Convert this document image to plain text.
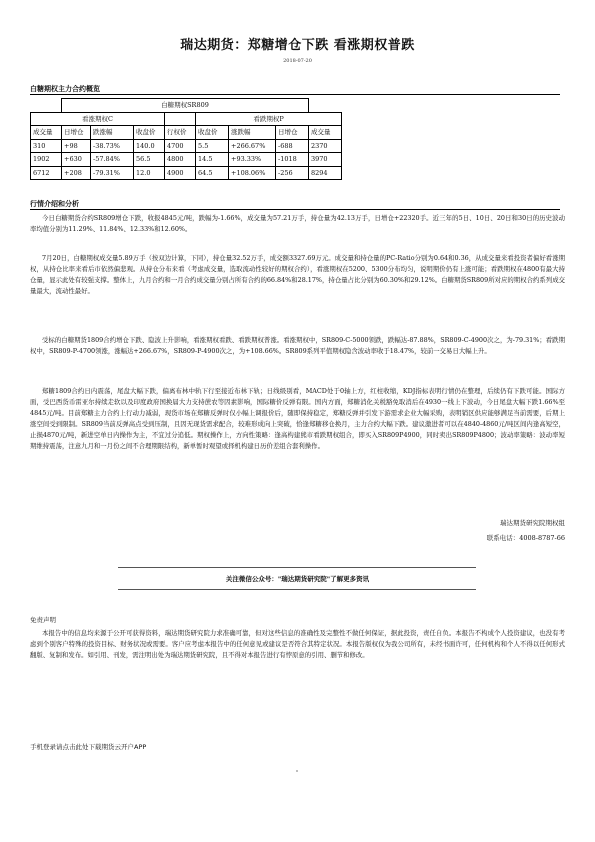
瑞达期货：郑糖增仓下跌 看涨期权普跌
2018-07-20
白糖期权主力合约概览
	白糖期权SR809							
看涨期权C					看跌期权P			
成交量	日增仓	跌涨幅	收盘价	行权价	收盘价	涨跌幅	日增仓	成交量
310	+98	-38.73%	140.0	4700	5.5	+266.67%	-688	2370
1902	+630	-57.84%	56.5	4800	14.5	+93.33%	-1018	3970
6712	+208	-79.31%	12.0	4900	64.5	+108.06%	-256	8294
行情介绍和分析

今日白糖期货合约SR809增仓下跌，收报4845元/吨，跌幅为-1.66%，成交量为57.21万手，持仓量为42.13万手，日增仓+22320手。近三年的5日、10日、20日和30日的历史波动率均值分别为11.29%、11.84%、12.33%和12.60%。

7月20日，白糖期权成交量5.89万手（按双边计算，下同），持仓量32.52万手，成交额3327.69万元。成交量和持仓量的PC-Ratio分别为0.64和0.36，从成交量来看投资者偏好看涨期权，从持仓比率来看后市依然偏悲观。从持仓分布来看（考虑成交量，选取流动性较好的期权合约），看涨期权在5200、5300分布均匀，说明期价仍有上涨可能；看跌期权在4800有最大持仓量，显示此处有较强支撑。整体上，九月合约和一月合约成交量分别占所有合约的66.84%和28.17%，持仓量占比分别为60.30%和29.12%。白糖期货SR809所对应的期权合约系列成交量最大，流动性最好。

受标的白糖期货1809合约增仓下跌、隐波上升影响，看涨期权看跌、看跌期权普涨。看涨期权中，SR809-C-5000领跌，跌幅达-87.88%，SR809-C-4900次之，为-79.31%；看跌期权中，SR809-P-4700领涨，涨幅达+266.67%，SR809-P-4900次之，为+108.66%。SR809系列平值期权隐含波动率收于18.47%，较前一交易日大幅上升。

郑糖1809合约日内震荡，尾盘大幅下跌，偏离布林中轨下行至接近布林下轨；日线级别看，MACD处于0轴上方，红柱收缩，KDJ指标表明行情仍在整理，后续仍有下跌可能。国际方面，受巴西货币雷亚尔持续走软以及印度政府国换届大力支持蔗农等因素影响，国际糖价反弹有限。国内方面，郑糖消化关税豁免取消后在4930一线上下波动，今日尾盘大幅下跌1.66%至4845元/吨。目前郑糖主力合约上行动力减弱，现货市场在郑糖反弹时仅小幅上调报价后，随即保持稳定，郑糖反弹并引发下游需求企业大幅采购，表明销区供应能够满足当前需要，后期上涨空间受到限制。SR809当前反弹高点受到压制，且因无现货需求配合，较难形成向上突破，恰逢郑糖移仓换月，主力合约大幅下跌。建议激进者可以在4840-4860元/吨区间内逢高短空，止损4870元/吨，新进空单日内操作为主，不宜过分追低。期权操作上，方向性策略：逢高构建熊市看跌期权组合，即买入SR809P4900，同时卖出SR809P4800；波动率策略：波动率短期维持震荡，注意九月和一月份之间不合理期限结构，新单暂时观望或择机构建日历价差组合套利操作。

瑞达期货研究院期权组
联系电话：4008-8787-66
关注微信公众号："瑞达期货研究院"了解更多资讯
免责声明

本报告中的信息均来源于公开可获得资料，瑞达期货研究院力求准确可靠，但对这些信息的准确性及完整性不做任何保证，据此投资，责任自负。本报告不构成个人投资建议，也没有考虑到个别客户特殊的投资目标、财务状况或需要。客户应考虑本报告中的任何意见或建议是否符合其特定状况。本报告版权仅为我公司所有，未经书面许可，任何机构和个人不得以任何形式翻版、复制和发布。如引用、刊发，需注明出处为瑞达期货研究院，且不得对本报告进行有悖原意的引用、删节和修改。

手机登录请点击此处下载期货云开户APP
